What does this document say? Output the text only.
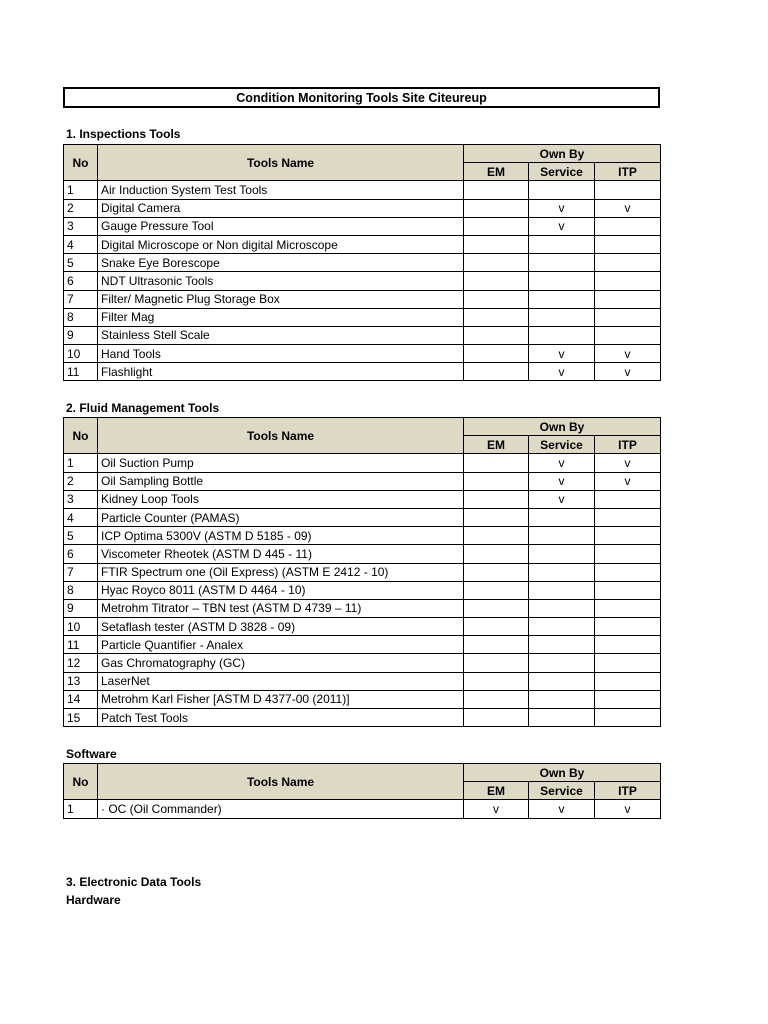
Condition Monitoring Tools Site Citeureup
1. Inspections Tools
No	Tools Name	Own By		
		EM	Service	ITP
1	Air Induction System Test Tools			
2	Digital Camera		v	v
3	Gauge Pressure Tool		v	
4	Digital Microscope or Non digital Microscope			
5	Snake Eye Borescope			
6	NDT Ultrasonic Tools			
7	Filter/ Magnetic Plug Storage Box			
8	Filter Mag			
9	Stainless Stell Scale			
10	Hand Tools		v	v
11	Flashlight		v	v
2. Fluid Management Tools
No	Tools Name	Own By		
		EM	Service	ITP
1	Oil Suction Pump		v	v
2	Oil Sampling Bottle		v	v
3	Kidney Loop Tools		v	
4	Particle Counter (PAMAS)			
5	ICP Optima 5300V (ASTM D 5185 - 09)			
6	Viscometer Rheotek (ASTM D 445 - 11)			
7	FTIR Spectrum one (Oil Express) (ASTM E 2412 - 10)			
8	Hyac Royco 8011 (ASTM D 4464 - 10)			
9	Metrohm Titrator – TBN test (ASTM D 4739 – 11)			
10	Setaflash tester (ASTM D 3828 - 09)			
11	Particle Quantifier - Analex			
12	Gas Chromatography (GC)			
13	LaserNet			
14	Metrohm Karl Fisher [ASTM D 4377-00 (2011)]			
15	Patch Test Tools			
Software
No	Tools Name	Own By		
		EM	Service	ITP
1	· OC (Oil Commander)	v	v	v
3. Electronic Data Tools
Hardware
